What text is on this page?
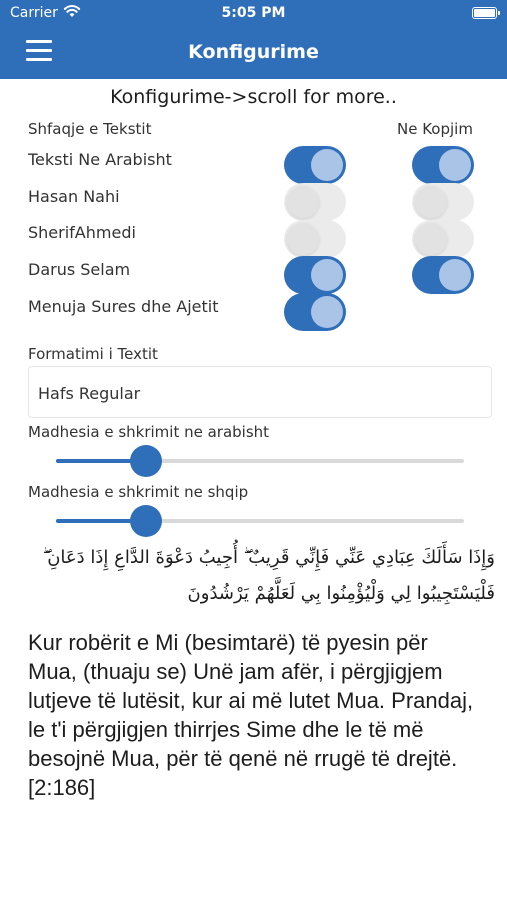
Carrier	5:05 PM
Konfigurime
Konfigurime->scroll for more..
Shfaqje e Tekstit	Ne Kopjim
Teksti Ne Arabisht
Hasan Nahi
SherifAhmedi
Darus Selam
Menuja Sures dhe Ajetit
Formatimi i Textit
Hafs Regular
Madhesia e shkrimit ne arabisht
Madhesia e shkrimit ne shqip
وَإِذَا سَأَلَكَ عِبَادِي عَنِّي فَإِنِّي قَرِيبٌ ۖ أُجِيبُ دَعْوَةَ الدَّاعِ إِذَا دَعَانِ ۖ فَلْيَسْتَجِيبُوا لِي وَلْيُؤْمِنُوا بِي لَعَلَّهُمْ يَرْشُدُونَ
Kur robërit e Mi (besimtarë) të pyesin për Mua, (thuaju se) Unë jam afër, i përgjigjem lutjeve të lutësit, kur ai më lutet Mua. Prandaj, le t'i përgjigjen thirrjes Sime dhe le të më besojnë Mua, për të qenë në rrugë të drejtë. [2:186]
